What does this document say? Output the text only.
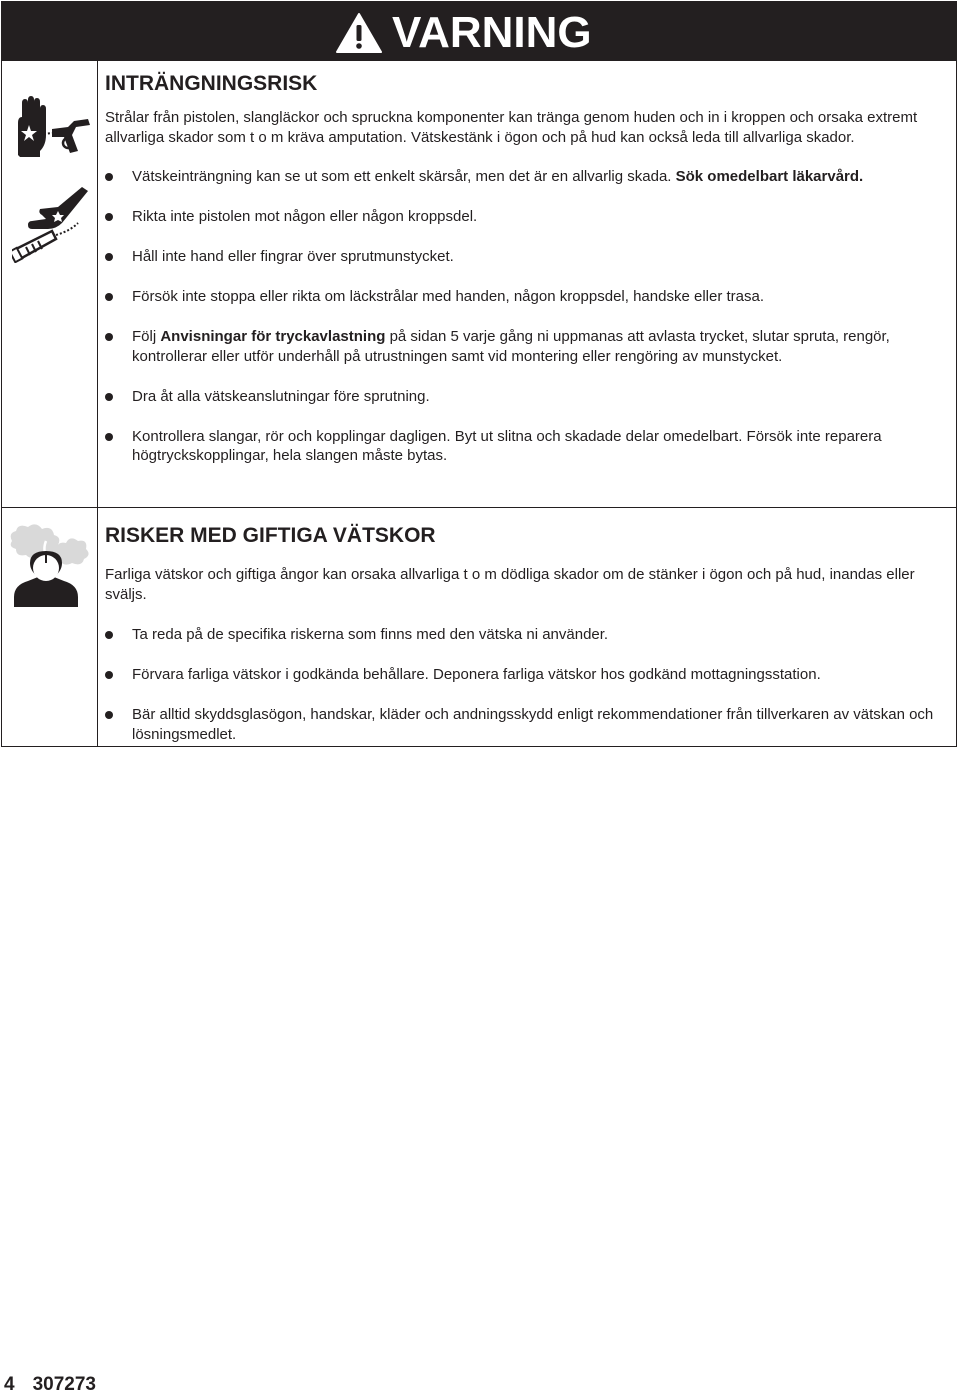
VARNING
INTRÄNGNINGSRISK

Strålar från pistolen, slangläckor och spruckna komponenter kan tränga genom huden och in i kroppen och orsaka extremt allvarliga skador som t o m kräva amputation. Vätskestänk i ögon och på hud kan också leda till allvarliga skador.

Vätskeinträngning kan se ut som ett enkelt skärsår, men det är en allvarlig skada. Sök omedelbart läkarvård.
Rikta inte pistolen mot någon eller någon kroppsdel.
Håll inte hand eller fingrar över sprutmunstycket.
Försök inte stoppa eller rikta om läckstrålar med handen, någon kroppsdel, handske eller trasa.
Följ Anvisningar för tryckavlastning på sidan 5 varje gång ni uppmanas att avlasta trycket, slutar spruta, rengör, kontrollerar eller utför underhåll på utrustningen samt vid montering eller rengöring av munstycket.
Dra åt alla vätskeanslutningar före sprutning.
Kontrollera slangar, rör och kopplingar dagligen. Byt ut slitna och skadade delar omedelbart. Försök inte reparera högtryckskopplingar, hela slangen måste bytas.
RISKER MED GIFTIGA VÄTSKOR

Farliga vätskor och giftiga ångor kan orsaka allvarliga t o m dödliga skador om de stänker i ögon och på hud, inandas eller sväljs.

Ta reda på de specifika riskerna som finns med den vätska ni använder.
Förvara farliga vätskor i godkända behållare. Deponera farliga vätskor hos godkänd mottagningsstation.
Bär alltid skyddsglasögon, handskar, kläder och andningsskydd enligt rekommendationer från tillverkaren av vätskan och lösningsmedlet.
4 307273
